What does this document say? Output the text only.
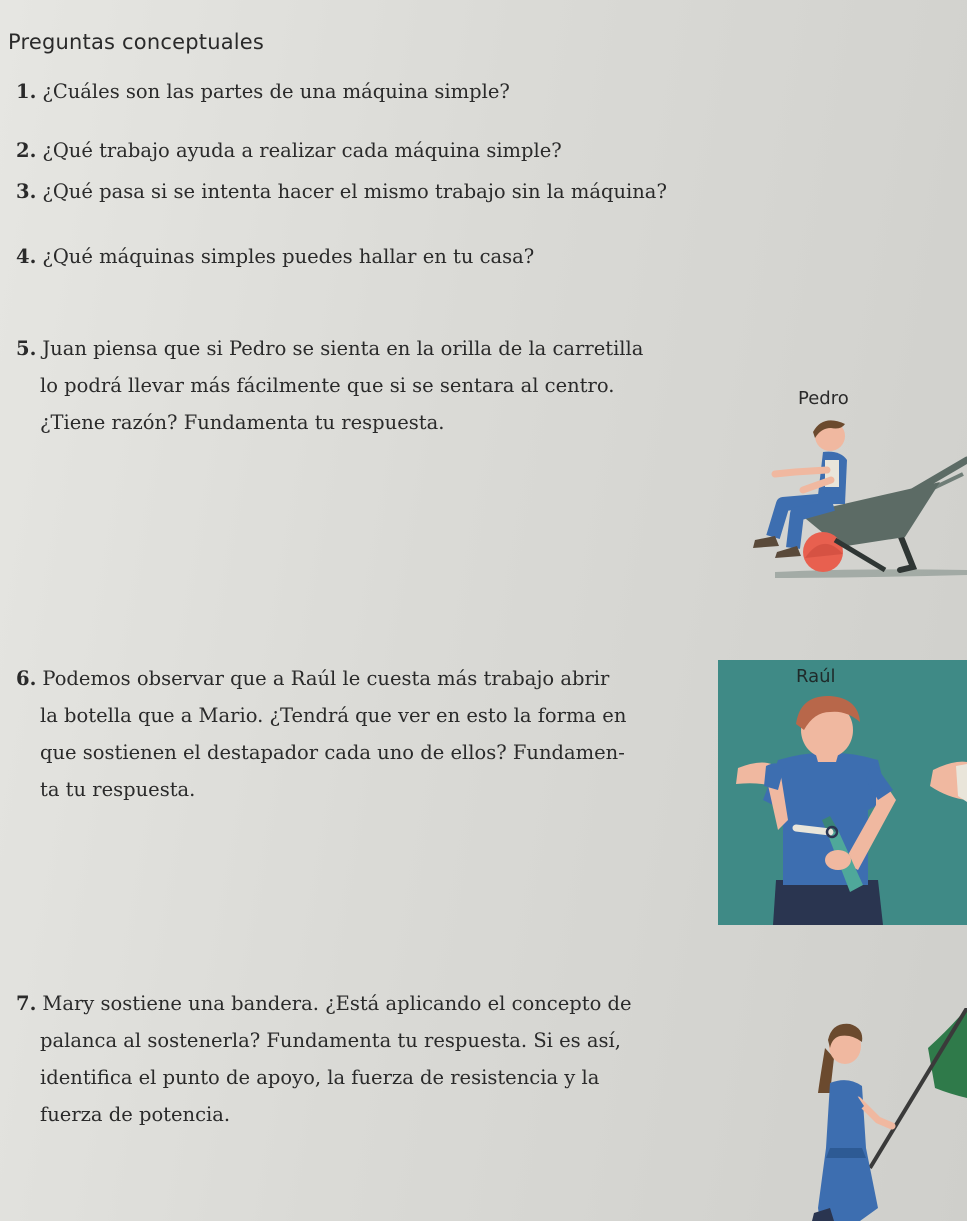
Preguntas conceptuales
1. ¿Cuáles son las partes de una máquina simple?
2. ¿Qué trabajo ayuda a realizar cada máquina simple?
3. ¿Qué pasa si se intenta hacer el mismo trabajo sin la máquina?
4. ¿Qué máquinas simples puedes hallar en tu casa?
5. Juan piensa que si Pedro se sienta en la orilla de la carretilla
lo podrá llevar más fácilmente que si se sentara al centro.
¿Tiene razón? Fundamenta tu respuesta.
Pedro
6. Podemos observar que a Raúl le cuesta más trabajo abrir
la botella que a Mario. ¿Tendrá que ver en esto la forma en
que sostienen el destapador cada uno de ellos? Fundamen-
ta tu respuesta.
Raúl
7. Mary sostiene una bandera. ¿Está aplicando el concepto de
palanca al sostenerla? Fundamenta tu respuesta. Si es así,
identifica el punto de apoyo, la fuerza de resistencia y la
fuerza de potencia.
